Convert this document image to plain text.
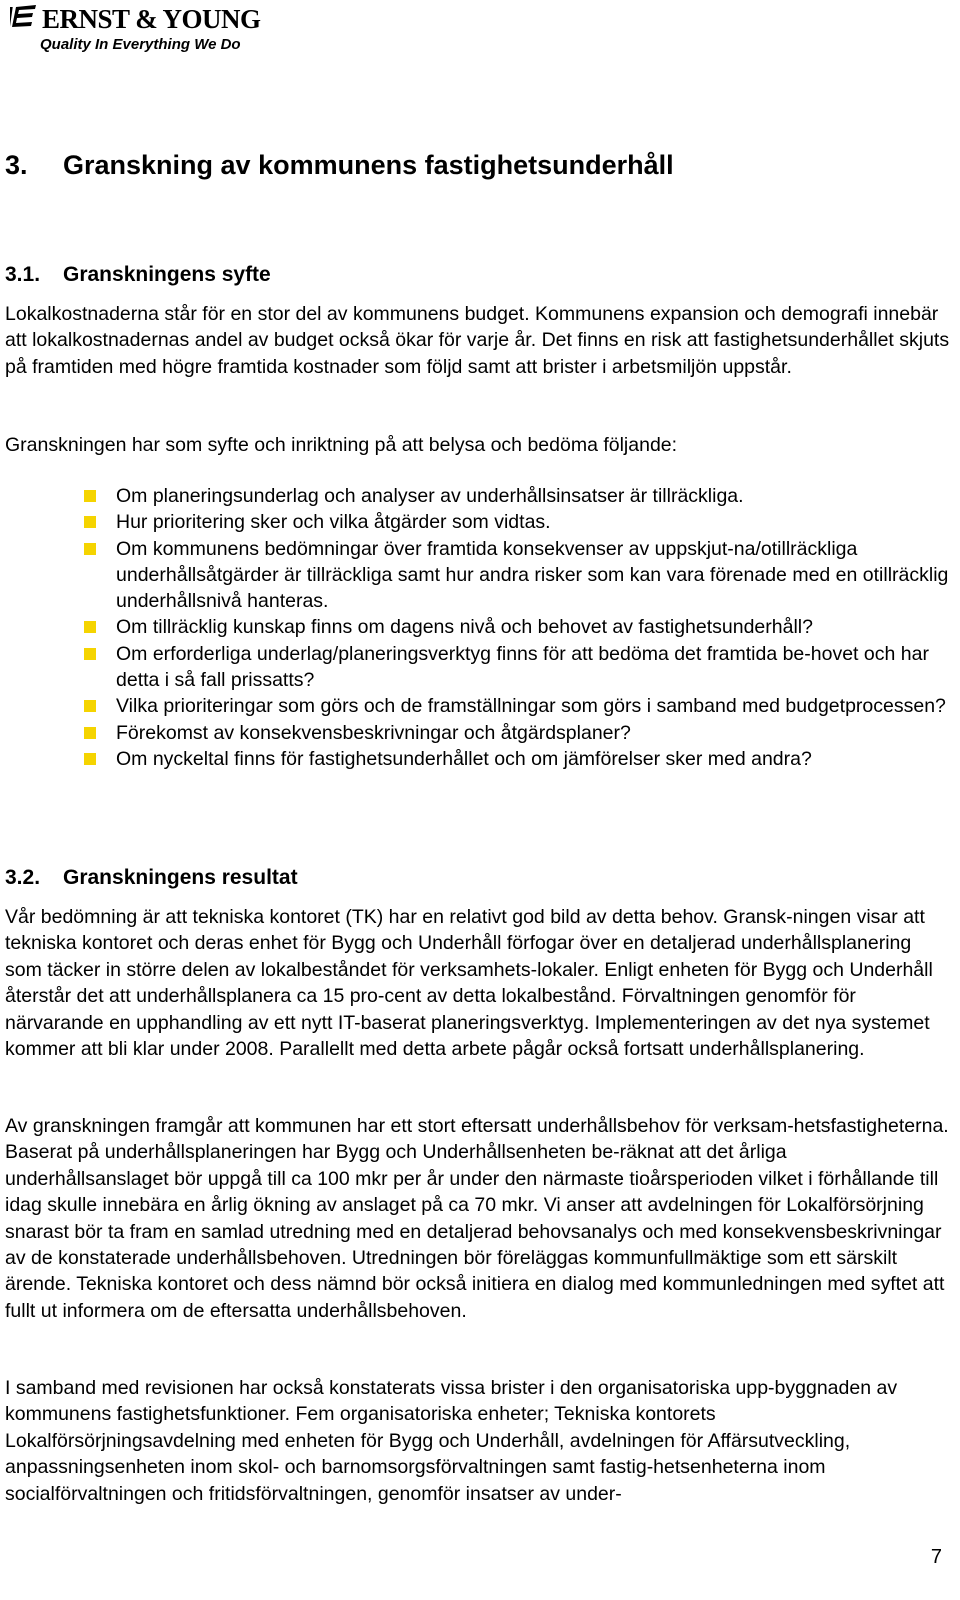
ERNST & YOUNG
Quality In Everything We Do
3. Granskning av kommunens fastighetsunderhåll
3.1. Granskningens syfte

Lokalkostnaderna står för en stor del av kommunens budget. Kommunens expansion och demografi innebär att lokalkostnadernas andel av budget också ökar för varje år. Det finns en risk att fastighetsunderhållet skjuts på framtiden med högre framtida kostnader som följd samt att brister i arbetsmiljön uppstår.

Granskningen har som syfte och inriktning på att belysa och bedöma följande:

Om planeringsunderlag och analyser av underhållsinsatser är tillräckliga.
Hur prioritering sker och vilka åtgärder som vidtas.
Om kommunens bedömningar över framtida konsekvenser av uppskjut-na/otillräckliga underhållsåtgärder är tillräckliga samt hur andra risker som kan vara förenade med en otillräcklig underhållsnivå hanteras.
Om tillräcklig kunskap finns om dagens nivå och behovet av fastighetsunderhåll?
Om erforderliga underlag/planeringsverktyg finns för att bedöma det framtida be-hovet och har detta i så fall prissatts?
Vilka prioriteringar som görs och de framställningar som görs i samband med budgetprocessen?
Förekomst av konsekvensbeskrivningar och åtgärdsplaner?
Om nyckeltal finns för fastighetsunderhållet och om jämförelser sker med andra?
3.2. Granskningens resultat

Vår bedömning är att tekniska kontoret (TK) har en relativt god bild av detta behov. Gransk-ningen visar att tekniska kontoret och deras enhet för Bygg och Underhåll förfogar över en detaljerad underhållsplanering som täcker in större delen av lokalbeståndet för verksamhets-lokaler. Enligt enheten för Bygg och Underhåll återstår det att underhållsplanera ca 15 pro-cent av detta lokalbestånd. Förvaltningen genomför för närvarande en upphandling av ett nytt IT-baserat planeringsverktyg. Implementeringen av det nya systemet kommer att bli klar under 2008. Parallellt med detta arbete pågår också fortsatt underhållsplanering.

Av granskningen framgår att kommunen har ett stort eftersatt underhållsbehov för verksam-hetsfastigheterna. Baserat på underhållsplaneringen har Bygg och Underhållsenheten be-räknat att det årliga underhållsanslaget bör uppgå till ca 100 mkr per år under den närmaste tioårsperioden vilket i förhållande till idag skulle innebära en årlig ökning av anslaget på ca 70 mkr. Vi anser att avdelningen för Lokalförsörjning snarast bör ta fram en samlad utredning med en detaljerad behovsanalys och med konsekvensbeskrivningar av de konstaterade underhållsbehoven. Utredningen bör föreläggas kommunfullmäktige som ett särskilt ärende. Tekniska kontoret och dess nämnd bör också initiera en dialog med kommunledningen med syftet att fullt ut informera om de eftersatta underhållsbehoven.

I samband med revisionen har också konstaterats vissa brister i den organisatoriska upp-byggnaden av kommunens fastighetsfunktioner. Fem organisatoriska enheter; Tekniska kontorets Lokalförsörjningsavdelning med enheten för Bygg och Underhåll, avdelningen för Affärsutveckling, anpassningsenheten inom skol- och barnomsorgsförvaltningen samt fastig-hetsenheterna inom socialförvaltningen och fritidsförvaltningen, genomför insatser av under-

7
